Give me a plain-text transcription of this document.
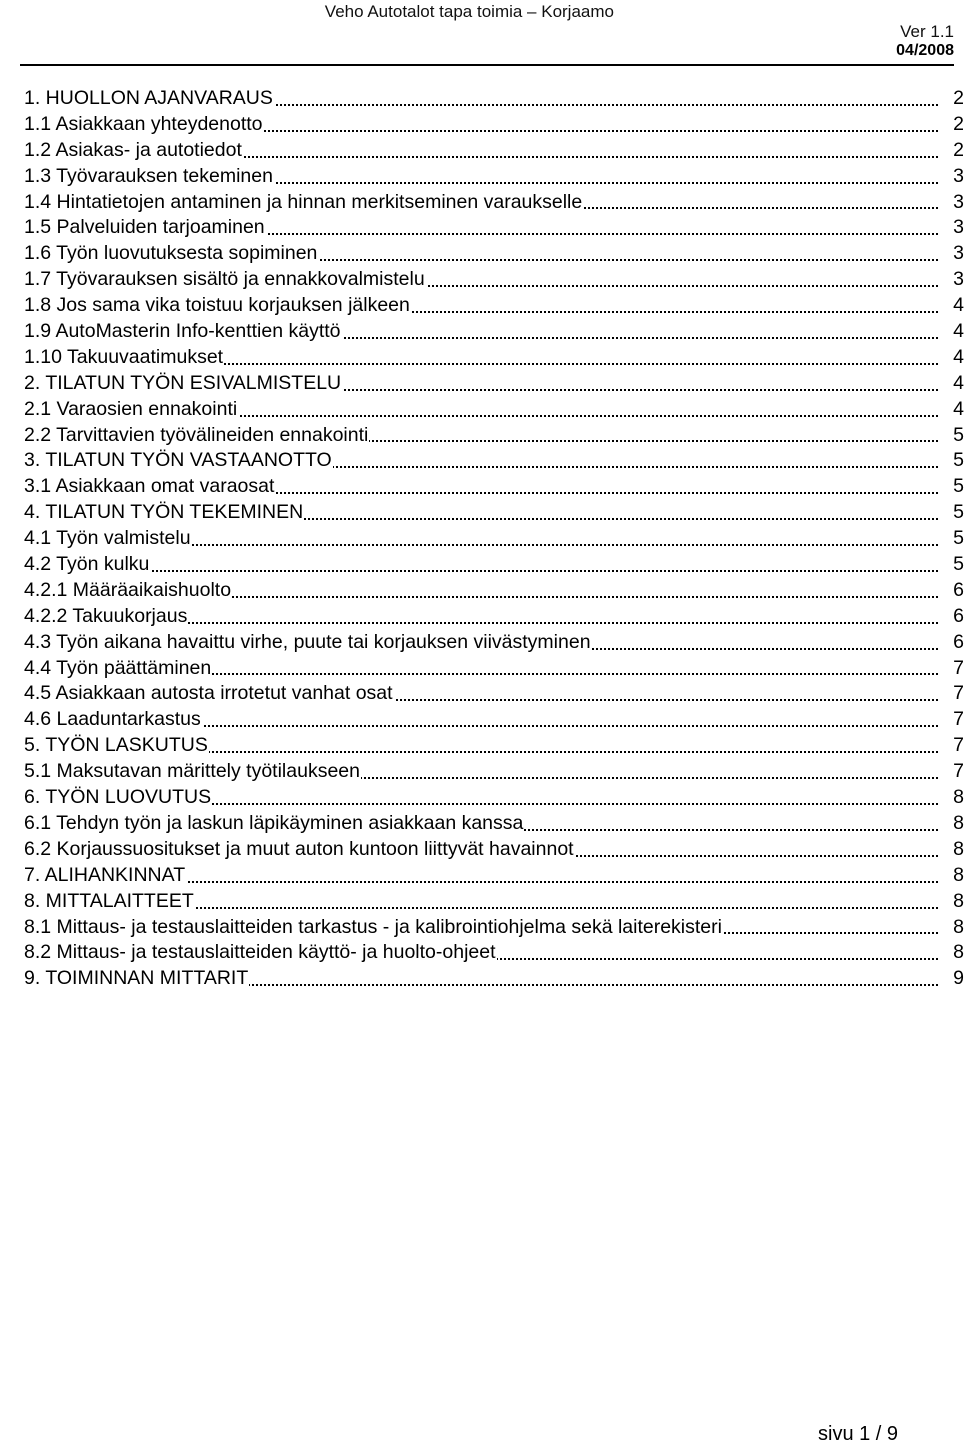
Veho Autotalot tapa toimia – Korjaamo
Ver 1.1
04/2008
1. HUOLLON AJANVARAUS	2
1.1 Asiakkaan yhteydenotto	2
1.2 Asiakas- ja autotiedot	2
1.3 Työvarauksen tekeminen	3
1.4 Hintatietojen antaminen ja hinnan merkitseminen varaukselle	3
1.5 Palveluiden tarjoaminen	3
1.6 Työn luovutuksesta sopiminen	3
1.7 Työvarauksen sisältö ja ennakkovalmistelu	3
1.8 Jos sama vika toistuu korjauksen jälkeen	4
1.9 AutoMasterin Info-kenttien käyttö	4
1.10 Takuuvaatimukset	4
2. TILATUN TYÖN ESIVALMISTELU	4
2.1 Varaosien ennakointi	4
2.2 Tarvittavien työvälineiden ennakointi	5
3. TILATUN TYÖN VASTAANOTTO	5
3.1 Asiakkaan omat varaosat	5
4. TILATUN TYÖN TEKEMINEN	5
4.1 Työn valmistelu	5
4.2 Työn kulku	5
4.2.1 Määräaikaishuolto	6
4.2.2 Takuukorjaus	6
4.3 Työn aikana havaittu virhe, puute tai korjauksen viivästyminen	6
4.4 Työn päättäminen	7
4.5 Asiakkaan autosta irrotetut vanhat osat	7
4.6 Laaduntarkastus	7
5. TYÖN LASKUTUS	7
5.1 Maksutavan märittely työtilaukseen	7
6. TYÖN LUOVUTUS	8
6.1 Tehdyn työn ja laskun läpikäyminen asiakkaan kanssa	8
6.2 Korjaussuositukset ja muut auton kuntoon liittyvät havainnot	8
7. ALIHANKINNAT	8
8. MITTALAITTEET	8
8.1 Mittaus- ja testauslaitteiden tarkastus - ja kalibrointiohjelma sekä laiterekisteri	8
8.2 Mittaus- ja testauslaitteiden käyttö- ja huolto-ohjeet	8
9. TOIMINNAN MITTARIT	9
sivu 1 / 9
